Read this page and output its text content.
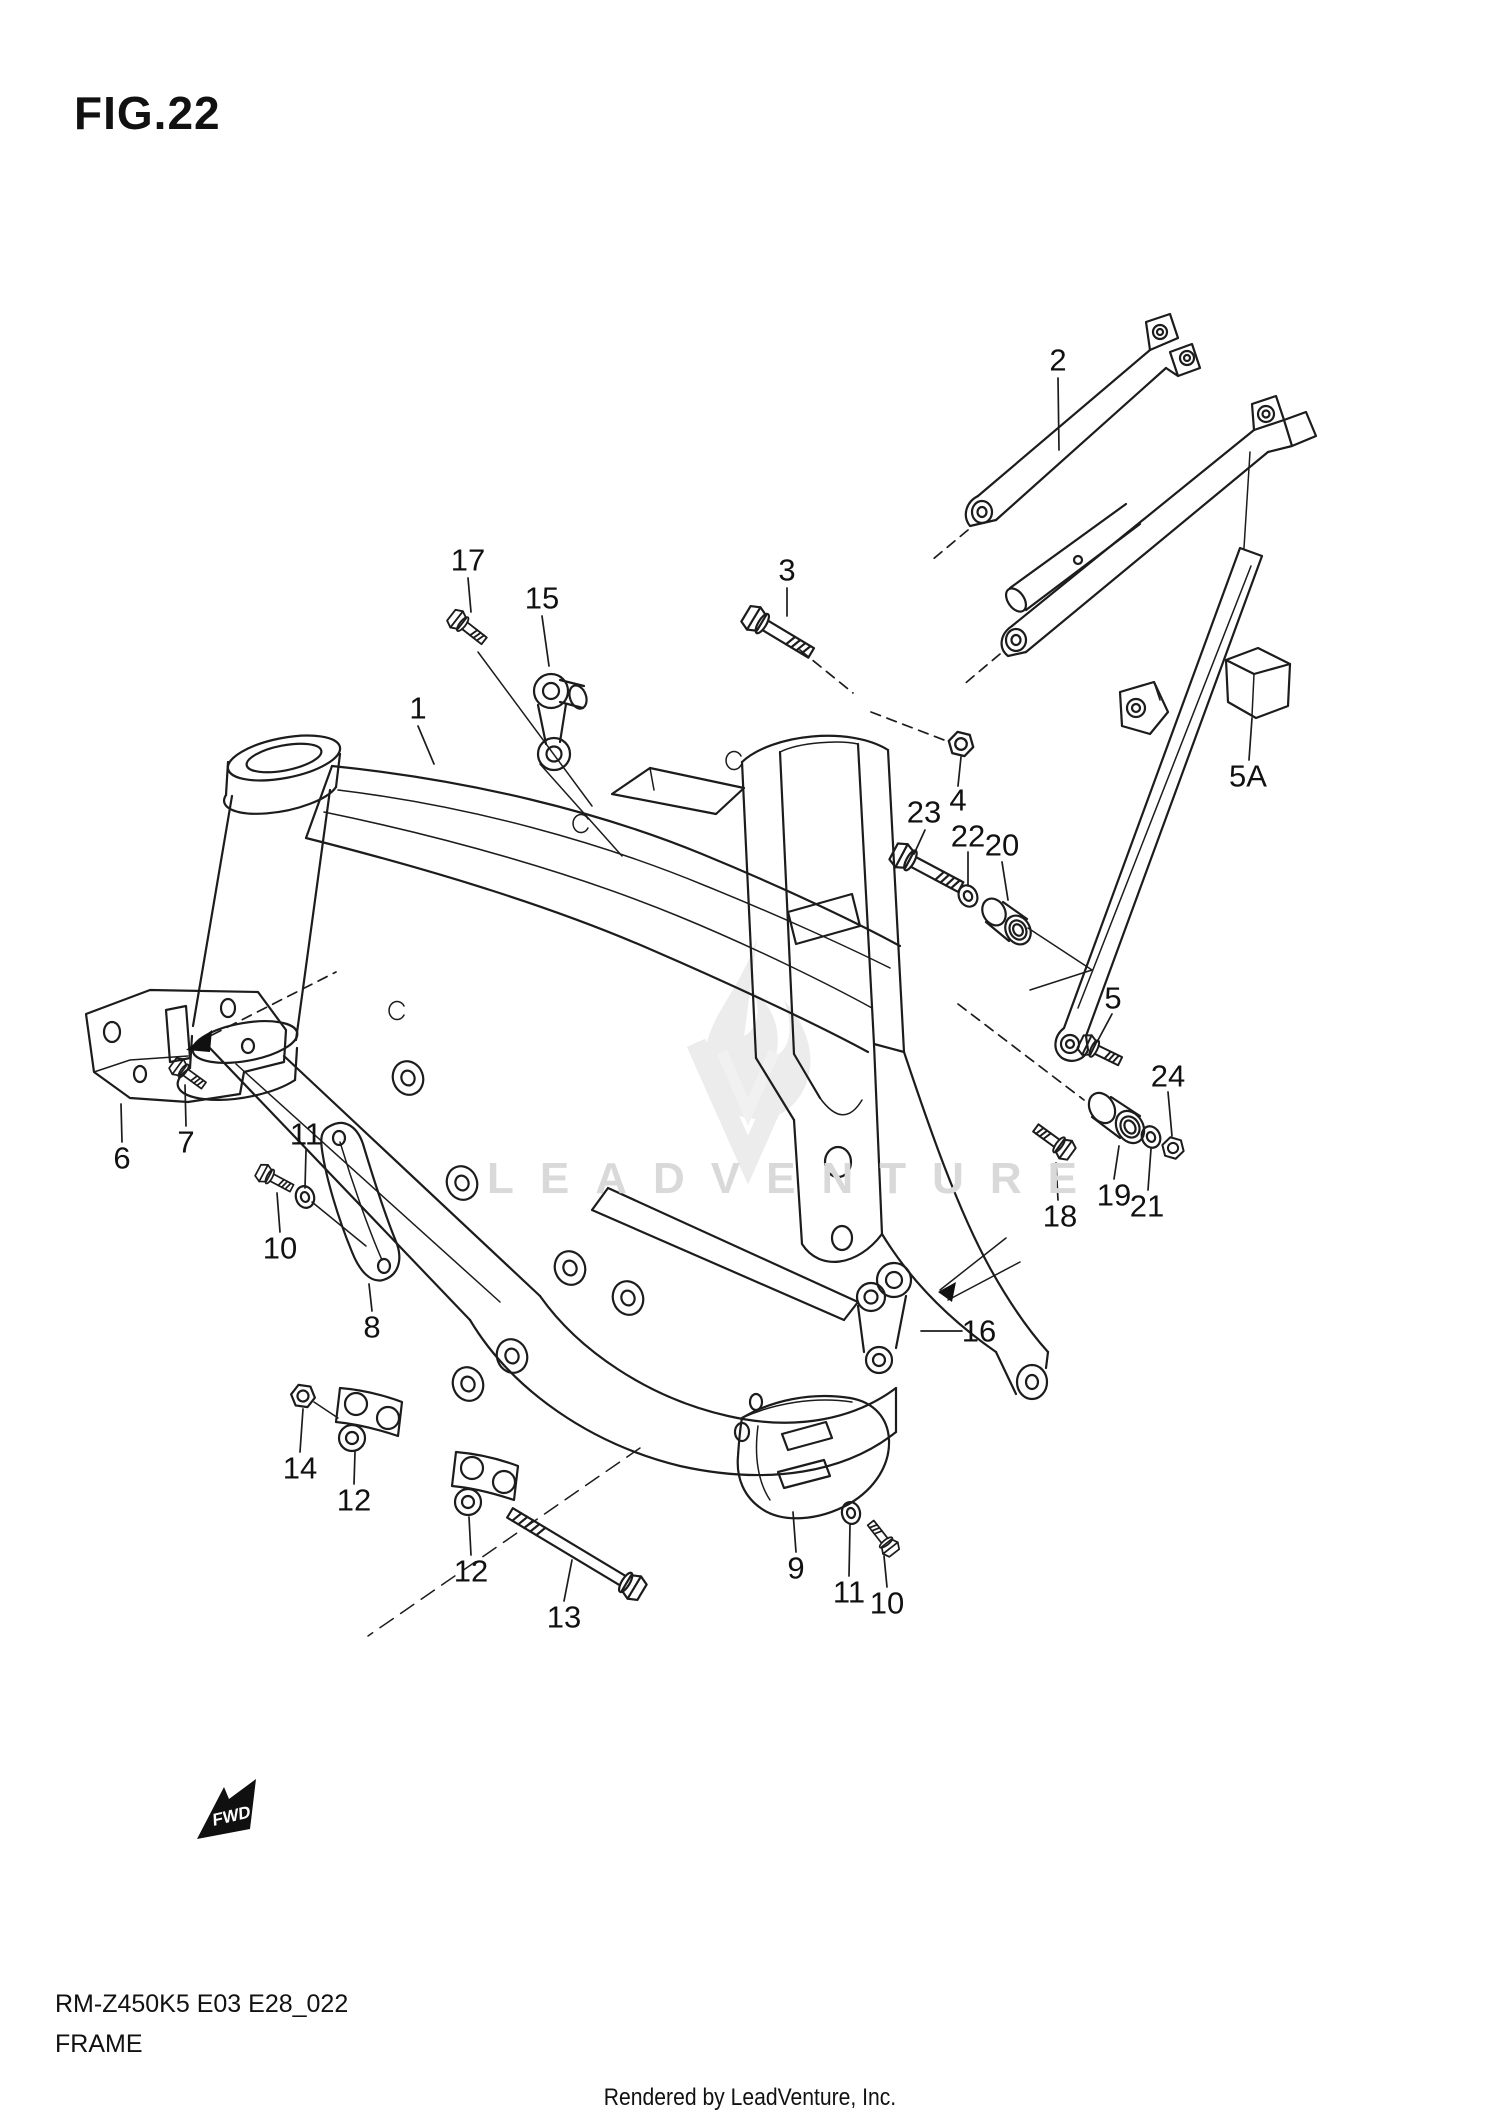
FIG.22
FWD
LEADVENTURE
1
2
3
4
5
5A
6 7
8
9
10
10
11
11
12
12
13
14
15
16
17
18
19
20
21
22
23
24
RM-Z450K5 E03 E28_022
FRAME
Rendered by LeadVenture, Inc.
